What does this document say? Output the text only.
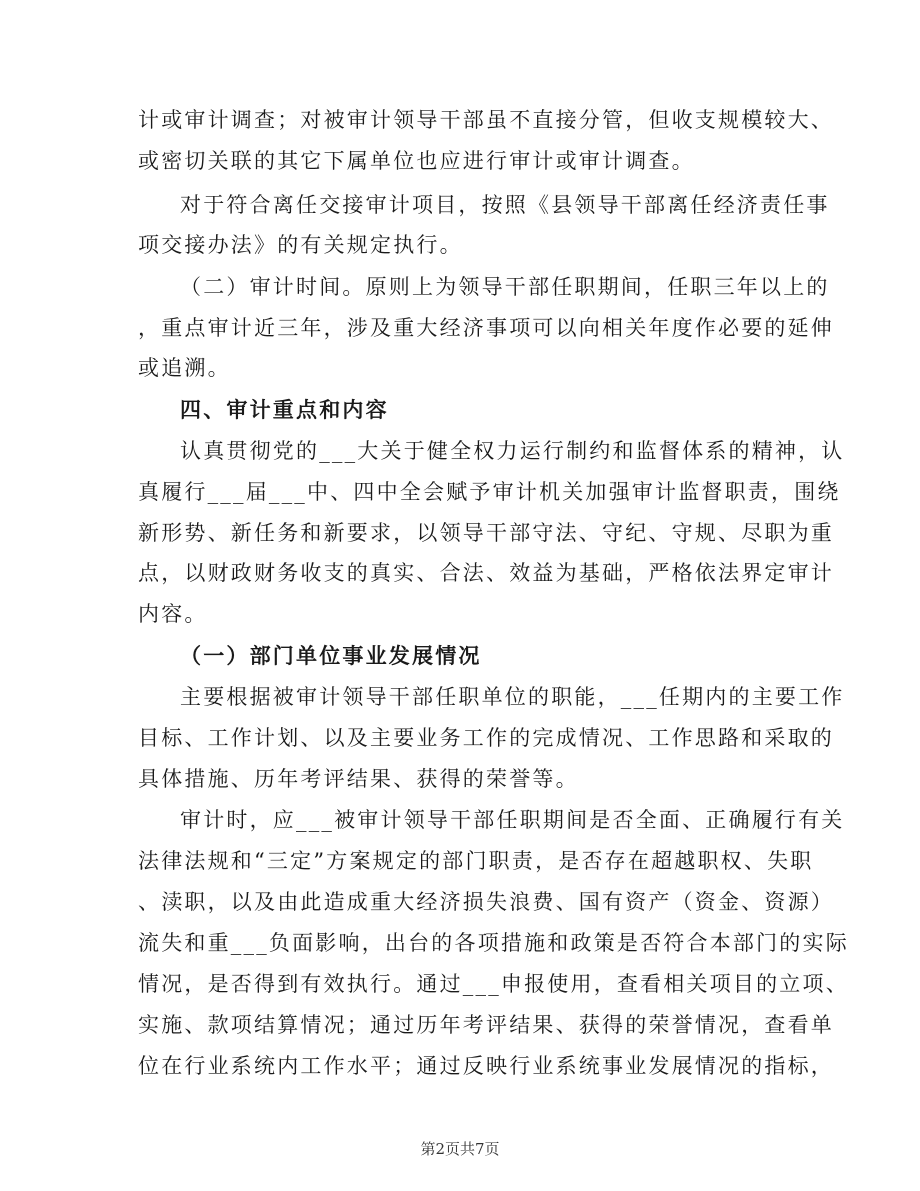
计或审计调查；对被审计领导干部虽不直接分管，但收支规模较大、
或密切关联的其它下属单位也应进行审计或审计调查。
对于符合离任交接审计项目，按照《县领导干部离任经济责任事
项交接办法》的有关规定执行。
（二）审计时间。原则上为领导干部任职期间，任职三年以上的
，重点审计近三年，涉及重大经济事项可以向相关年度作必要的延伸
或追溯。
四、审计重点和内容
认真贯彻党的___大关于健全权力运行制约和监督体系的精神，认
真履行___届___中、四中全会赋予审计机关加强审计监督职责，围绕
新形势、新任务和新要求，以领导干部守法、守纪、守规、尽职为重
点，以财政财务收支的真实、合法、效益为基础，严格依法界定审计
内容。
（一）部门单位事业发展情况
主要根据被审计领导干部任职单位的职能，___任期内的主要工作
目标、工作计划、以及主要业务工作的完成情况、工作思路和采取的
具体措施、历年考评结果、获得的荣誉等。
审计时，应___被审计领导干部任职期间是否全面、正确履行有关
法律法规和“三定”方案规定的部门职责，是否存在超越职权、失职
、渎职，以及由此造成重大经济损失浪费、国有资产（资金、资源）
流失和重___负面影响，出台的各项措施和政策是否符合本部门的实际
情况，是否得到有效执行。通过___申报使用，查看相关项目的立项、
实施、款项结算情况；通过历年考评结果、获得的荣誉情况，查看单
位在行业系统内工作水平；通过反映行业系统事业发展情况的指标，
第2页共7页
